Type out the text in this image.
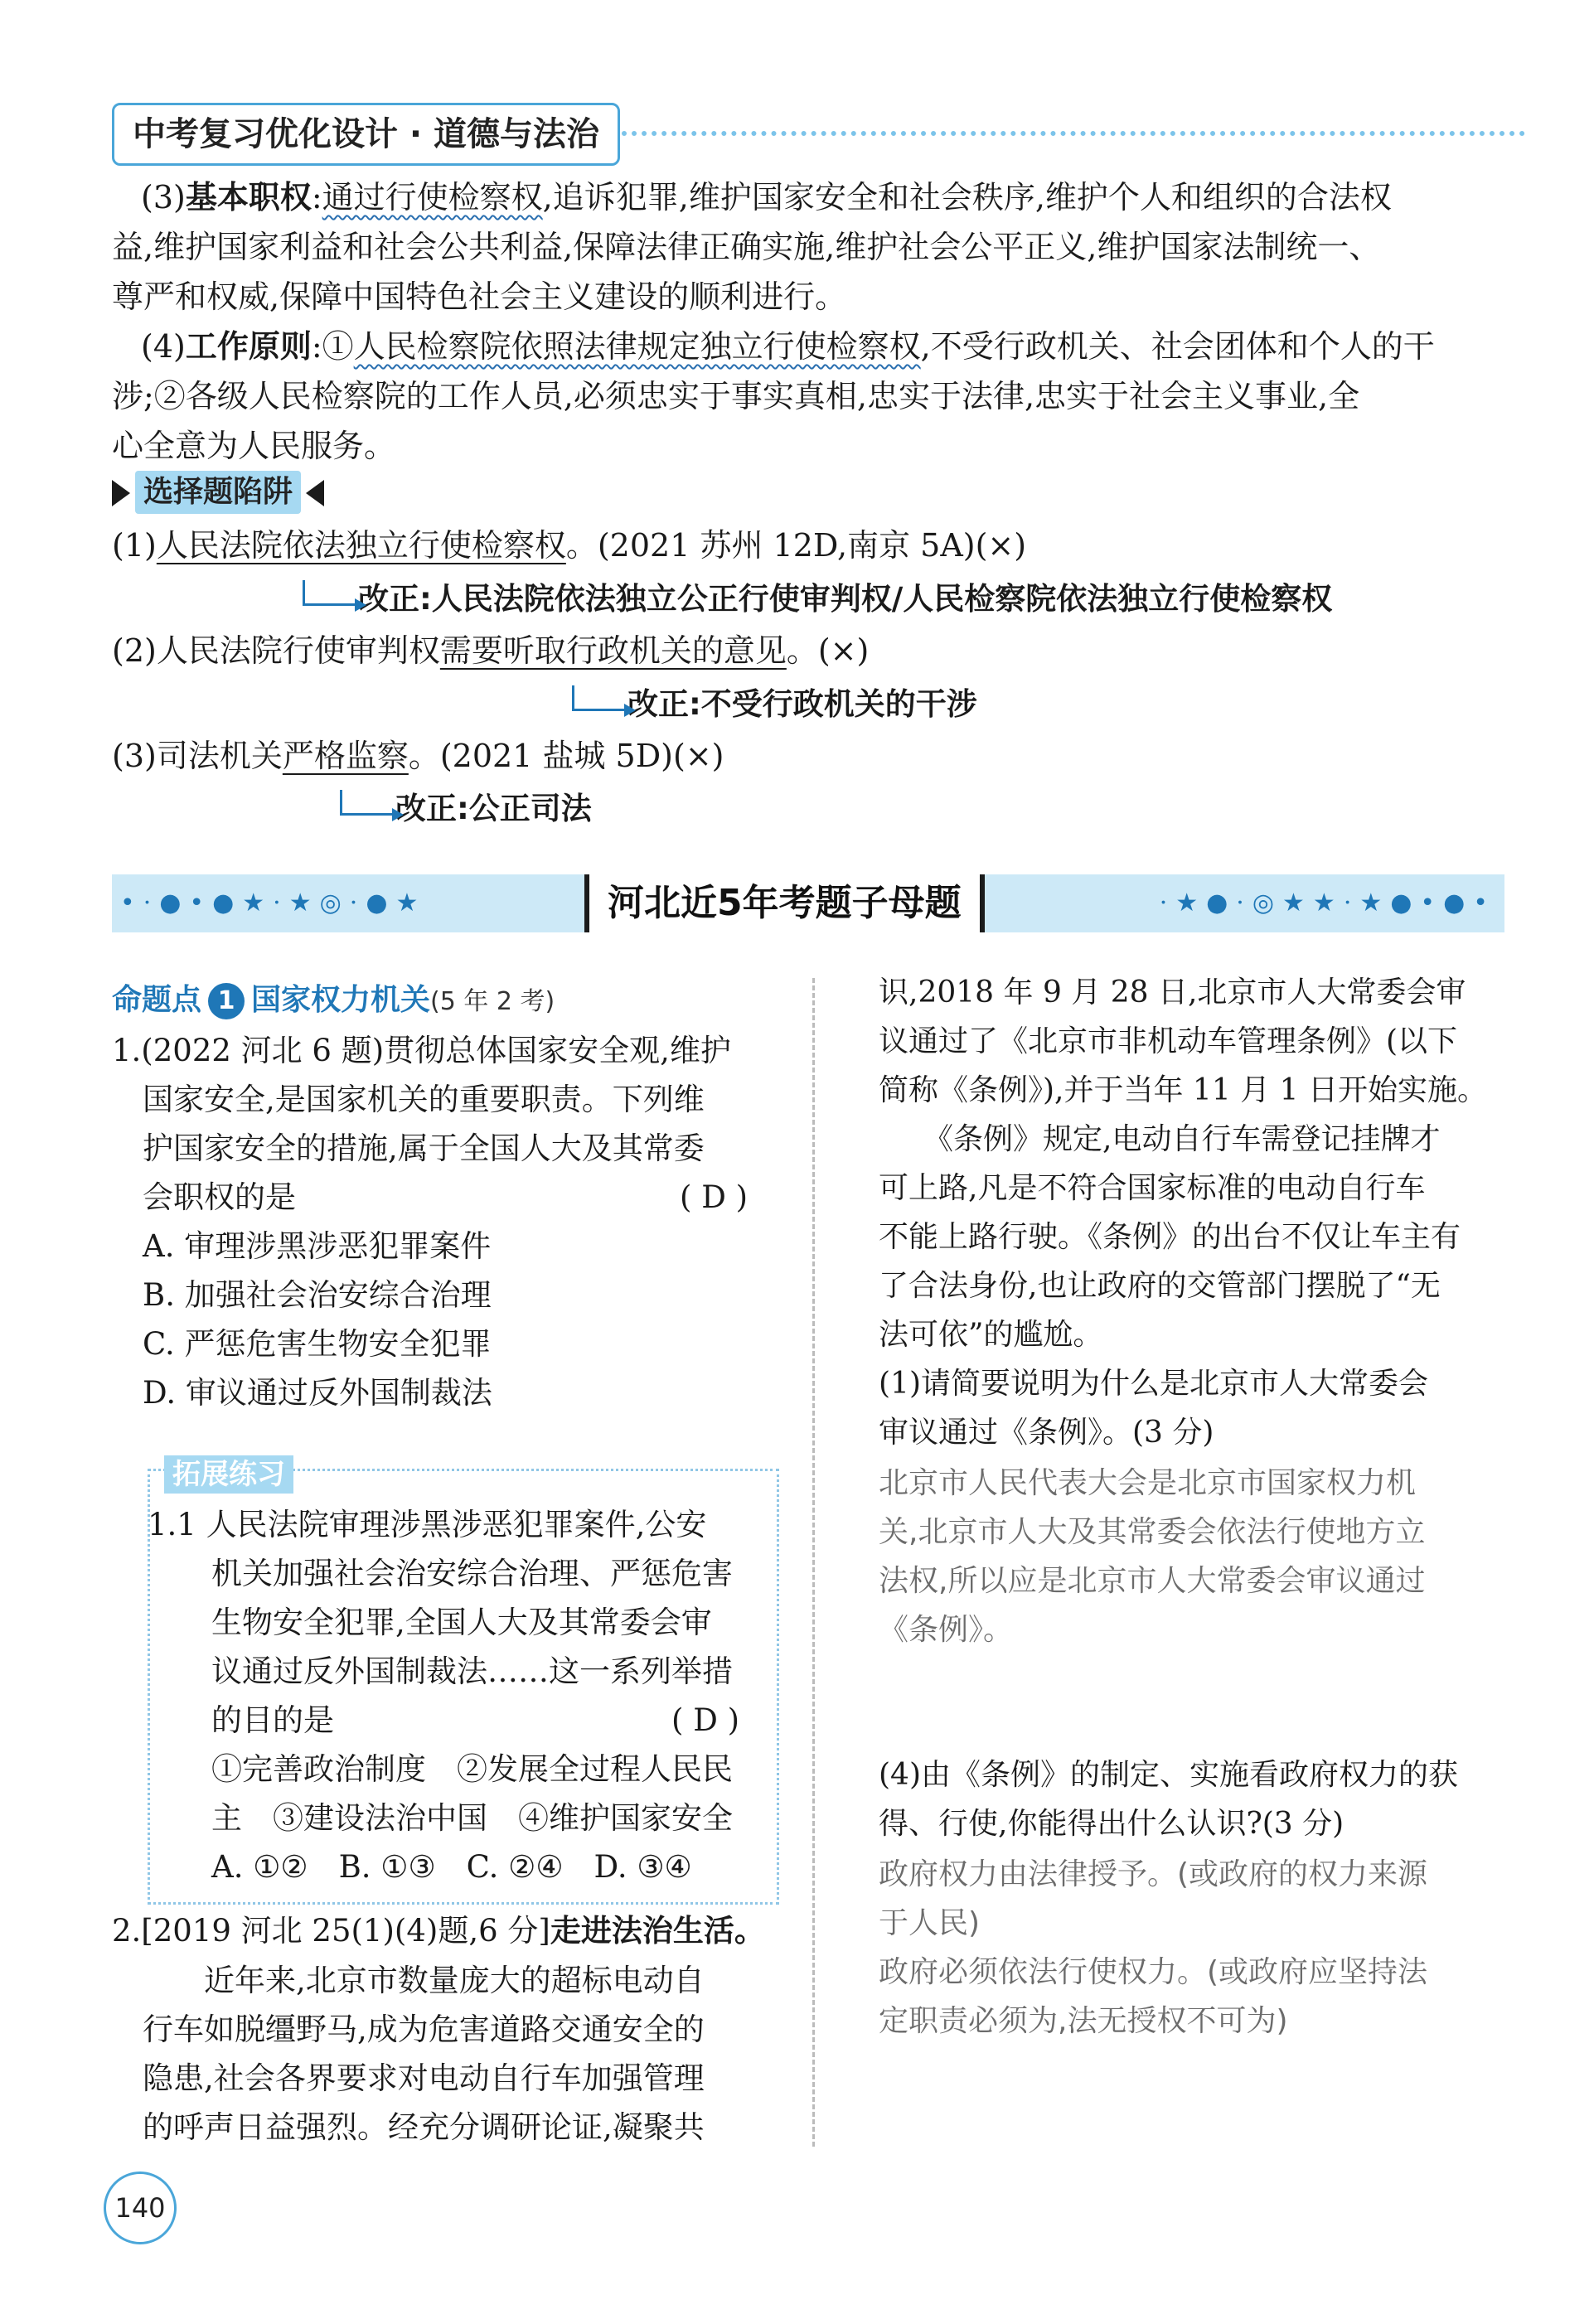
中考复习优化设计 · 道德与法治
(3)基本职权:通过行使检察权,追诉犯罪,维护国家安全和社会秩序,维护个人和组织的合法权
益,维护国家利益和社会公共利益,保障法律正确实施,维护社会公平正义,维护国家法制统一、
尊严和权威,保障中国特色社会主义建设的顺利进行。
(4)工作原则:①人民检察院依照法律规定独立行使检察权,不受行政机关、社会团体和个人的干
涉;②各级人民检察院的工作人员,必须忠实于事实真相,忠实于法律,忠实于社会主义事业,全
心全意为人民服务。
选择题陷阱
(1)人民法院依法独立行使检察权。(2021 苏州 12D,南京 5A)(×)
改正:人民法院依法独立公正行使审判权/人民检察院依法独立行使检察权
(2)人民法院行使审判权需要听取行政机关的意见。(×)
改正:不受行政机关的干涉
(3)司法机关严格监察。(2021 盐城 5D)(×)
改正:公正司法
•·●•●★·★◎·●★	河北近5年考题子母题	·★●·◎★★·★●•●•
命题点 1 国家权力机关(5 年 2 考)
1.(2022 河北 6 题)贯彻总体国家安全观,维护
国家安全,是国家机关的重要职责。下列维
护国家安全的措施,属于全国人大及其常委
会职权的是	( D )
A. 审理涉黑涉恶犯罪案件
B. 加强社会治安综合治理
C. 严惩危害生物安全犯罪
D. 审议通过反外国制裁法
拓展练习
1.1 人民法院审理涉黑涉恶犯罪案件,公安
机关加强社会治安综合治理、严惩危害
生物安全犯罪,全国人大及其常委会审
议通过反外国制裁法……这一系列举措
的目的是	( D )
①完善政治制度　②发展全过程人民民
主　③建设法治中国　④维护国家安全
A. ①②　B. ①③　C. ②④　D. ③④
2.[2019 河北 25(1)(4)题,6 分]走进法治生活。
　　近年来,北京市数量庞大的超标电动自
行车如脱缰野马,成为危害道路交通安全的
隐患,社会各界要求对电动自行车加强管理
的呼声日益强烈。经充分调研论证,凝聚共
识,2018 年 9 月 28 日,北京市人大常委会审
议通过了《北京市非机动车管理条例》(以下
简称《条例》),并于当年 11 月 1 日开始实施。
　　《条例》规定,电动自行车需登记挂牌才
可上路,凡是不符合国家标准的电动自行车
不能上路行驶。《条例》的出台不仅让车主有
了合法身份,也让政府的交管部门摆脱了“无
法可依”的尴尬。
(1)请简要说明为什么是北京市人大常委会
审议通过《条例》。(3 分)
北京市人民代表大会是北京市国家权力机
关,北京市人大及其常委会依法行使地方立
法权,所以应是北京市人大常委会审议通过
《条例》。
(4)由《条例》的制定、实施看政府权力的获
得、行使,你能得出什么认识?(3 分)
政府权力由法律授予。(或政府的权力来源
于人民)
政府必须依法行使权力。(或政府应坚持法
定职责必须为,法无授权不可为)
140
